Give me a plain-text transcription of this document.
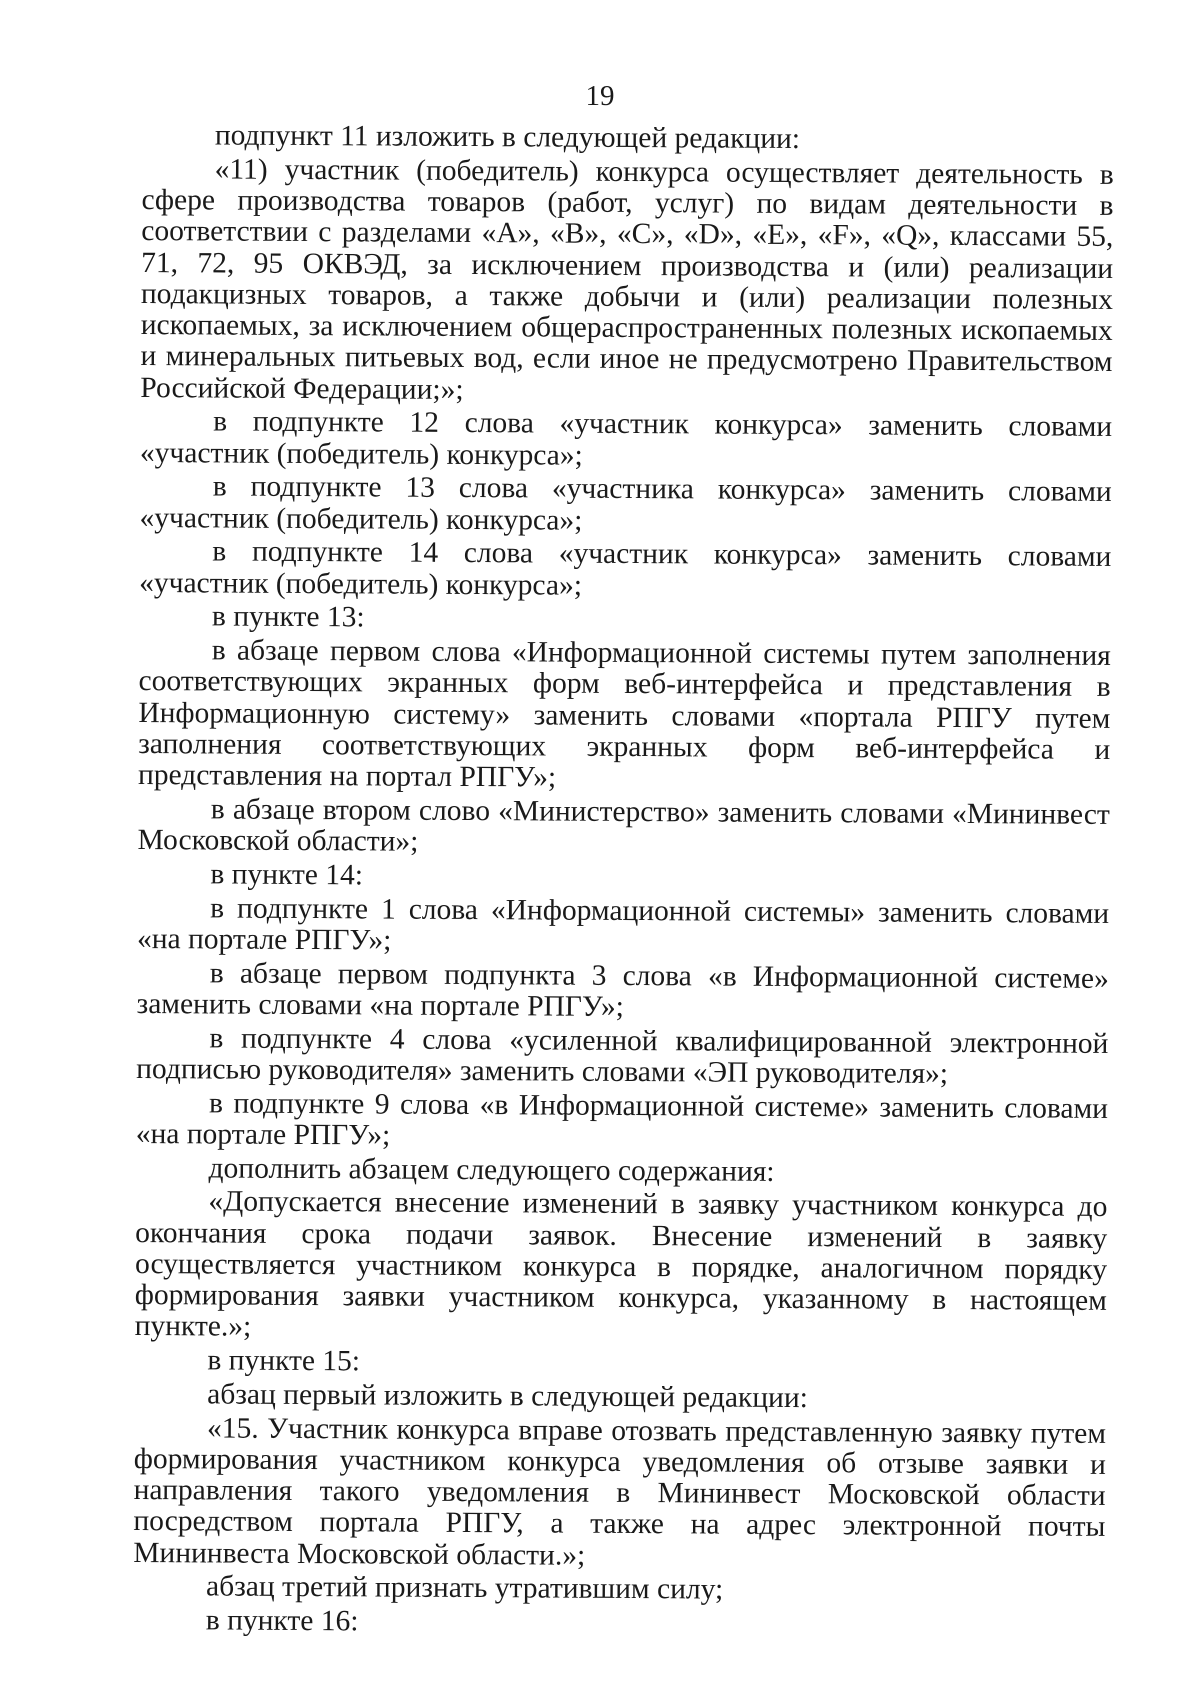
19

подпункт 11 изложить в следующей редакции:

«11) участник (победитель) конкурса осуществляет деятельность в сфере производства товаров (работ, услуг) по видам деятельности в соответствии с разделами «A», «B», «C», «D», «E», «F», «Q», классами 55, 71, 72, 95 ОКВЭД, за исключением производства и (или) реализации подакцизных товаров, а также добычи и (или) реализации полезных ископаемых, за исключением общераспространенных полезных ископаемых и минеральных питьевых вод, если иное не предусмотрено Правительством Российской Федерации;»;

в подпункте 12 слова «участник конкурса» заменить словами «участник (победитель) конкурса»;

в подпункте 13 слова «участника конкурса» заменить словами «участник (победитель) конкурса»;

в подпункте 14 слова «участник конкурса» заменить словами «участник (победитель) конкурса»;

в пункте 13:

в абзаце первом слова «Информационной системы путем заполнения соответствующих экранных форм веб-интерфейса и представления в Информационную систему» заменить словами «портала РПГУ путем заполнения соответствующих экранных форм веб-интерфейса и представления на портал РПГУ»;

в абзаце втором слово «Министерство» заменить словами «Мининвест Московской области»;

в пункте 14:

в подпункте 1 слова «Информационной системы» заменить словами «на портале РПГУ»;

в абзаце первом подпункта 3 слова «в Информационной системе» заменить словами «на портале РПГУ»;

в подпункте 4 слова «усиленной квалифицированной электронной подписью руководителя» заменить словами «ЭП руководителя»;

в подпункте 9 слова «в Информационной системе» заменить словами «на портале РПГУ»;

дополнить абзацем следующего содержания:

«Допускается внесение изменений в заявку участником конкурса до окончания срока подачи заявок. Внесение изменений в заявку осуществляется участником конкурса в порядке, аналогичном порядку формирования заявки участником конкурса, указанному в настоящем пункте.»;

в пункте 15:

абзац первый изложить в следующей редакции:

«15. Участник конкурса вправе отозвать представленную заявку путем формирования участником конкурса уведомления об отзыве заявки и направления такого уведомления в Мининвест Московской области посредством портала РПГУ, а также на адрес электронной почты Мининвеста Московской области.»;

абзац третий признать утратившим силу;

в пункте 16:
